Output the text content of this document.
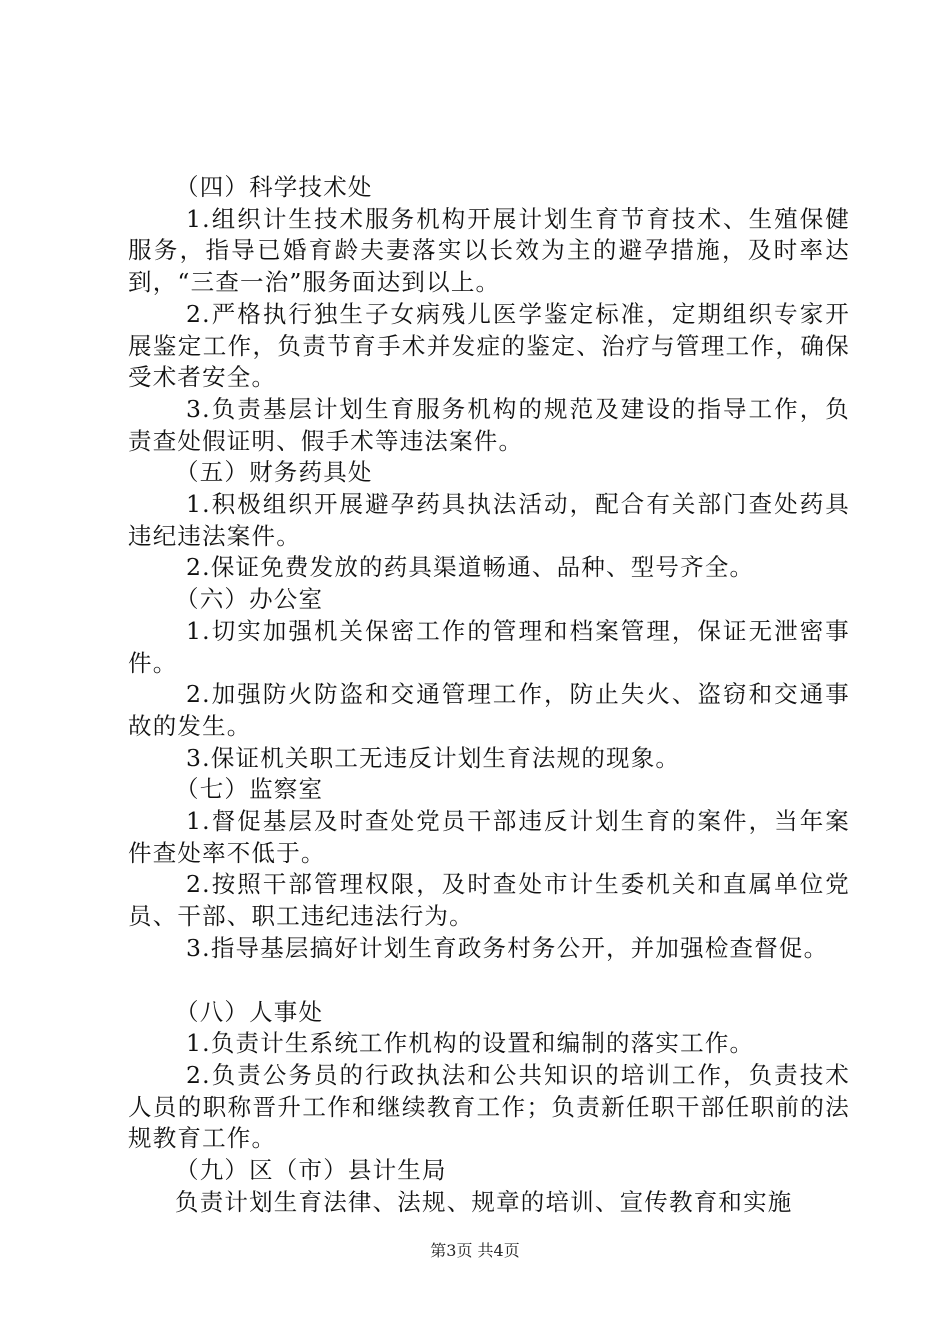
（四）科学技术处

1.组织计生技术服务机构开展计划生育节育技术、生殖保健服务，指导已婚育龄夫妻落实以长效为主的避孕措施，及时率达到，“三查一治”服务面达到以上。

2.严格执行独生子女病残儿医学鉴定标准，定期组织专家开展鉴定工作，负责节育手术并发症的鉴定、治疗与管理工作，确保受术者安全。

3.负责基层计划生育服务机构的规范及建设的指导工作，负责查处假证明、假手术等违法案件。

（五）财务药具处

1.积极组织开展避孕药具执法活动，配合有关部门查处药具违纪违法案件。

2.保证免费发放的药具渠道畅通、品种、型号齐全。

（六）办公室

1.切实加强机关保密工作的管理和档案管理，保证无泄密事件。

2.加强防火防盗和交通管理工作，防止失火、盗窃和交通事故的发生。

3.保证机关职工无违反计划生育法规的现象。

（七）监察室

1.督促基层及时查处党员干部违反计划生育的案件，当年案件查处率不低于。

2.按照干部管理权限，及时查处市计生委机关和直属单位党员、干部、职工违纪违法行为。

3.指导基层搞好计划生育政务村务公开，并加强检查督促。

（八）人事处

1.负责计生系统工作机构的设置和编制的落实工作。

2.负责公务员的行政执法和公共知识的培训工作，负责技术人员的职称晋升工作和继续教育工作；负责新任职干部任职前的法规教育工作。

（九）区（市）县计生局

负责计划生育法律、法规、规章的培训、宣传教育和实施

第3页 共4页
